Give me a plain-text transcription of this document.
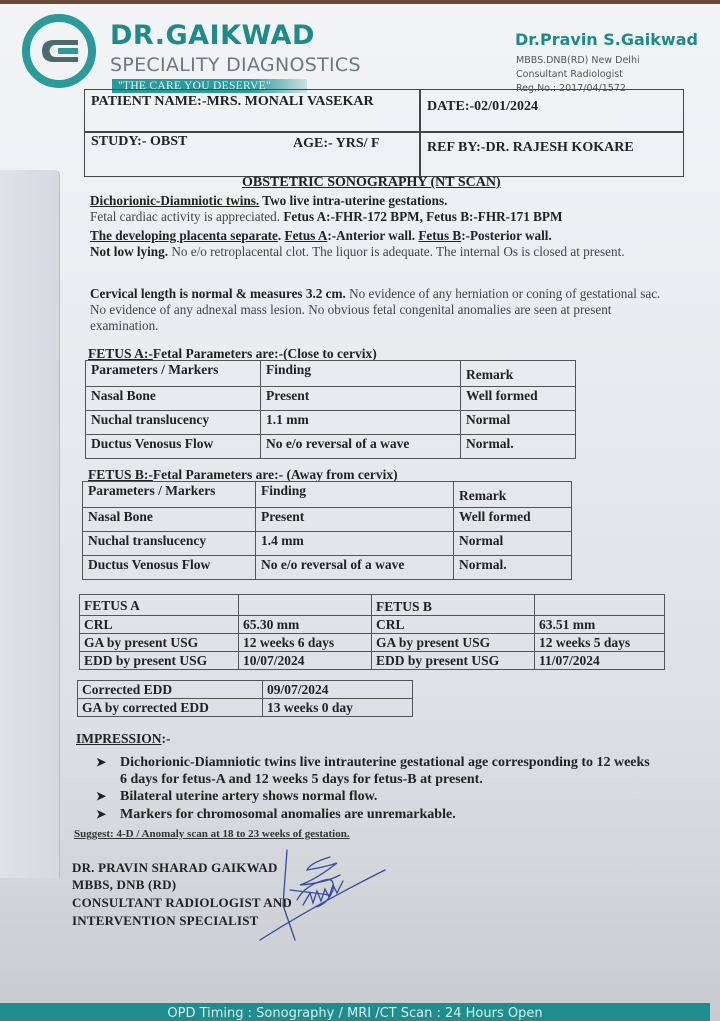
DR.GAIKWAD
SPECIALITY DIAGNOSTICS
"THE CARE YOU DESERVE"
Dr.Pravin S.Gaikwad
MBBS.DNB(RD) New Delhi
Consultant Radiologist
Reg.No.: 2017/04/1572
PATIENT NAME:-MRS. MONALI VASEKAR	DATE:-02/01/2024
STUDY:- OBST	AGE:- YRS/ F	REF BY:-DR. RAJESH KOKARE
OBSTETRIC SONOGRAPHY (NT SCAN)
Dichorionic-Diamniotic twins. Two live intra-uterine gestations.
Fetal cardiac activity is appreciated. Fetus A:-FHR-172 BPM, Fetus B:-FHR-171 BPM
The developing placenta separate. Fetus A:-Anterior wall. Fetus B:-Posterior wall.
Not low lying. No e/o retroplacental clot. The liquor is adequate. The internal Os is closed at present.
Cervical length is normal & measures 3.2 cm. No evidence of any herniation or coning of gestational sac. No evidence of any adnexal mass lesion. No obvious fetal congenital anomalies are seen at present examination.
FETUS A:-Fetal Parameters are:-(Close to cervix)
Parameters / Markers	Finding	Remark
Nasal Bone	Present	Well formed
Nuchal translucency	1.1 mm	Normal
Ductus Venosus Flow	No e/o reversal of a wave	Normal.
FETUS B:-Fetal Parameters are:- (Away from cervix)
Parameters / Markers	Finding	Remark
Nasal Bone	Present	Well formed
Nuchal translucency	1.4 mm	Normal
Ductus Venosus Flow	No e/o reversal of a wave	Normal.
FETUS A		FETUS B	
CRL	65.30 mm	CRL	63.51 mm
GA by present USG	12 weeks 6 days	GA by present USG	12 weeks 5 days
EDD by present USG	10/07/2024	EDD by present USG	11/07/2024
Corrected EDD	09/07/2024
GA by corrected EDD	13 weeks 0 day
IMPRESSION:-
➤ Dichorionic-Diamniotic twins live intrauterine gestational age corresponding to 12 weeks 6 days for fetus-A and 12 weeks 5 days for fetus-B at present.
➤ Bilateral uterine artery shows normal flow.
➤ Markers for chromosomal anomalies are unremarkable.
Suggest: 4-D / Anomaly scan at 18 to 23 weeks of gestation.
DR. PRAVIN SHARAD GAIKWAD
MBBS, DNB (RD)
CONSULTANT RADIOLOGIST AND
INTERVENTION SPECIALIST
OPD Timing : Sonography / MRI /CT Scan : 24 Hours Open
